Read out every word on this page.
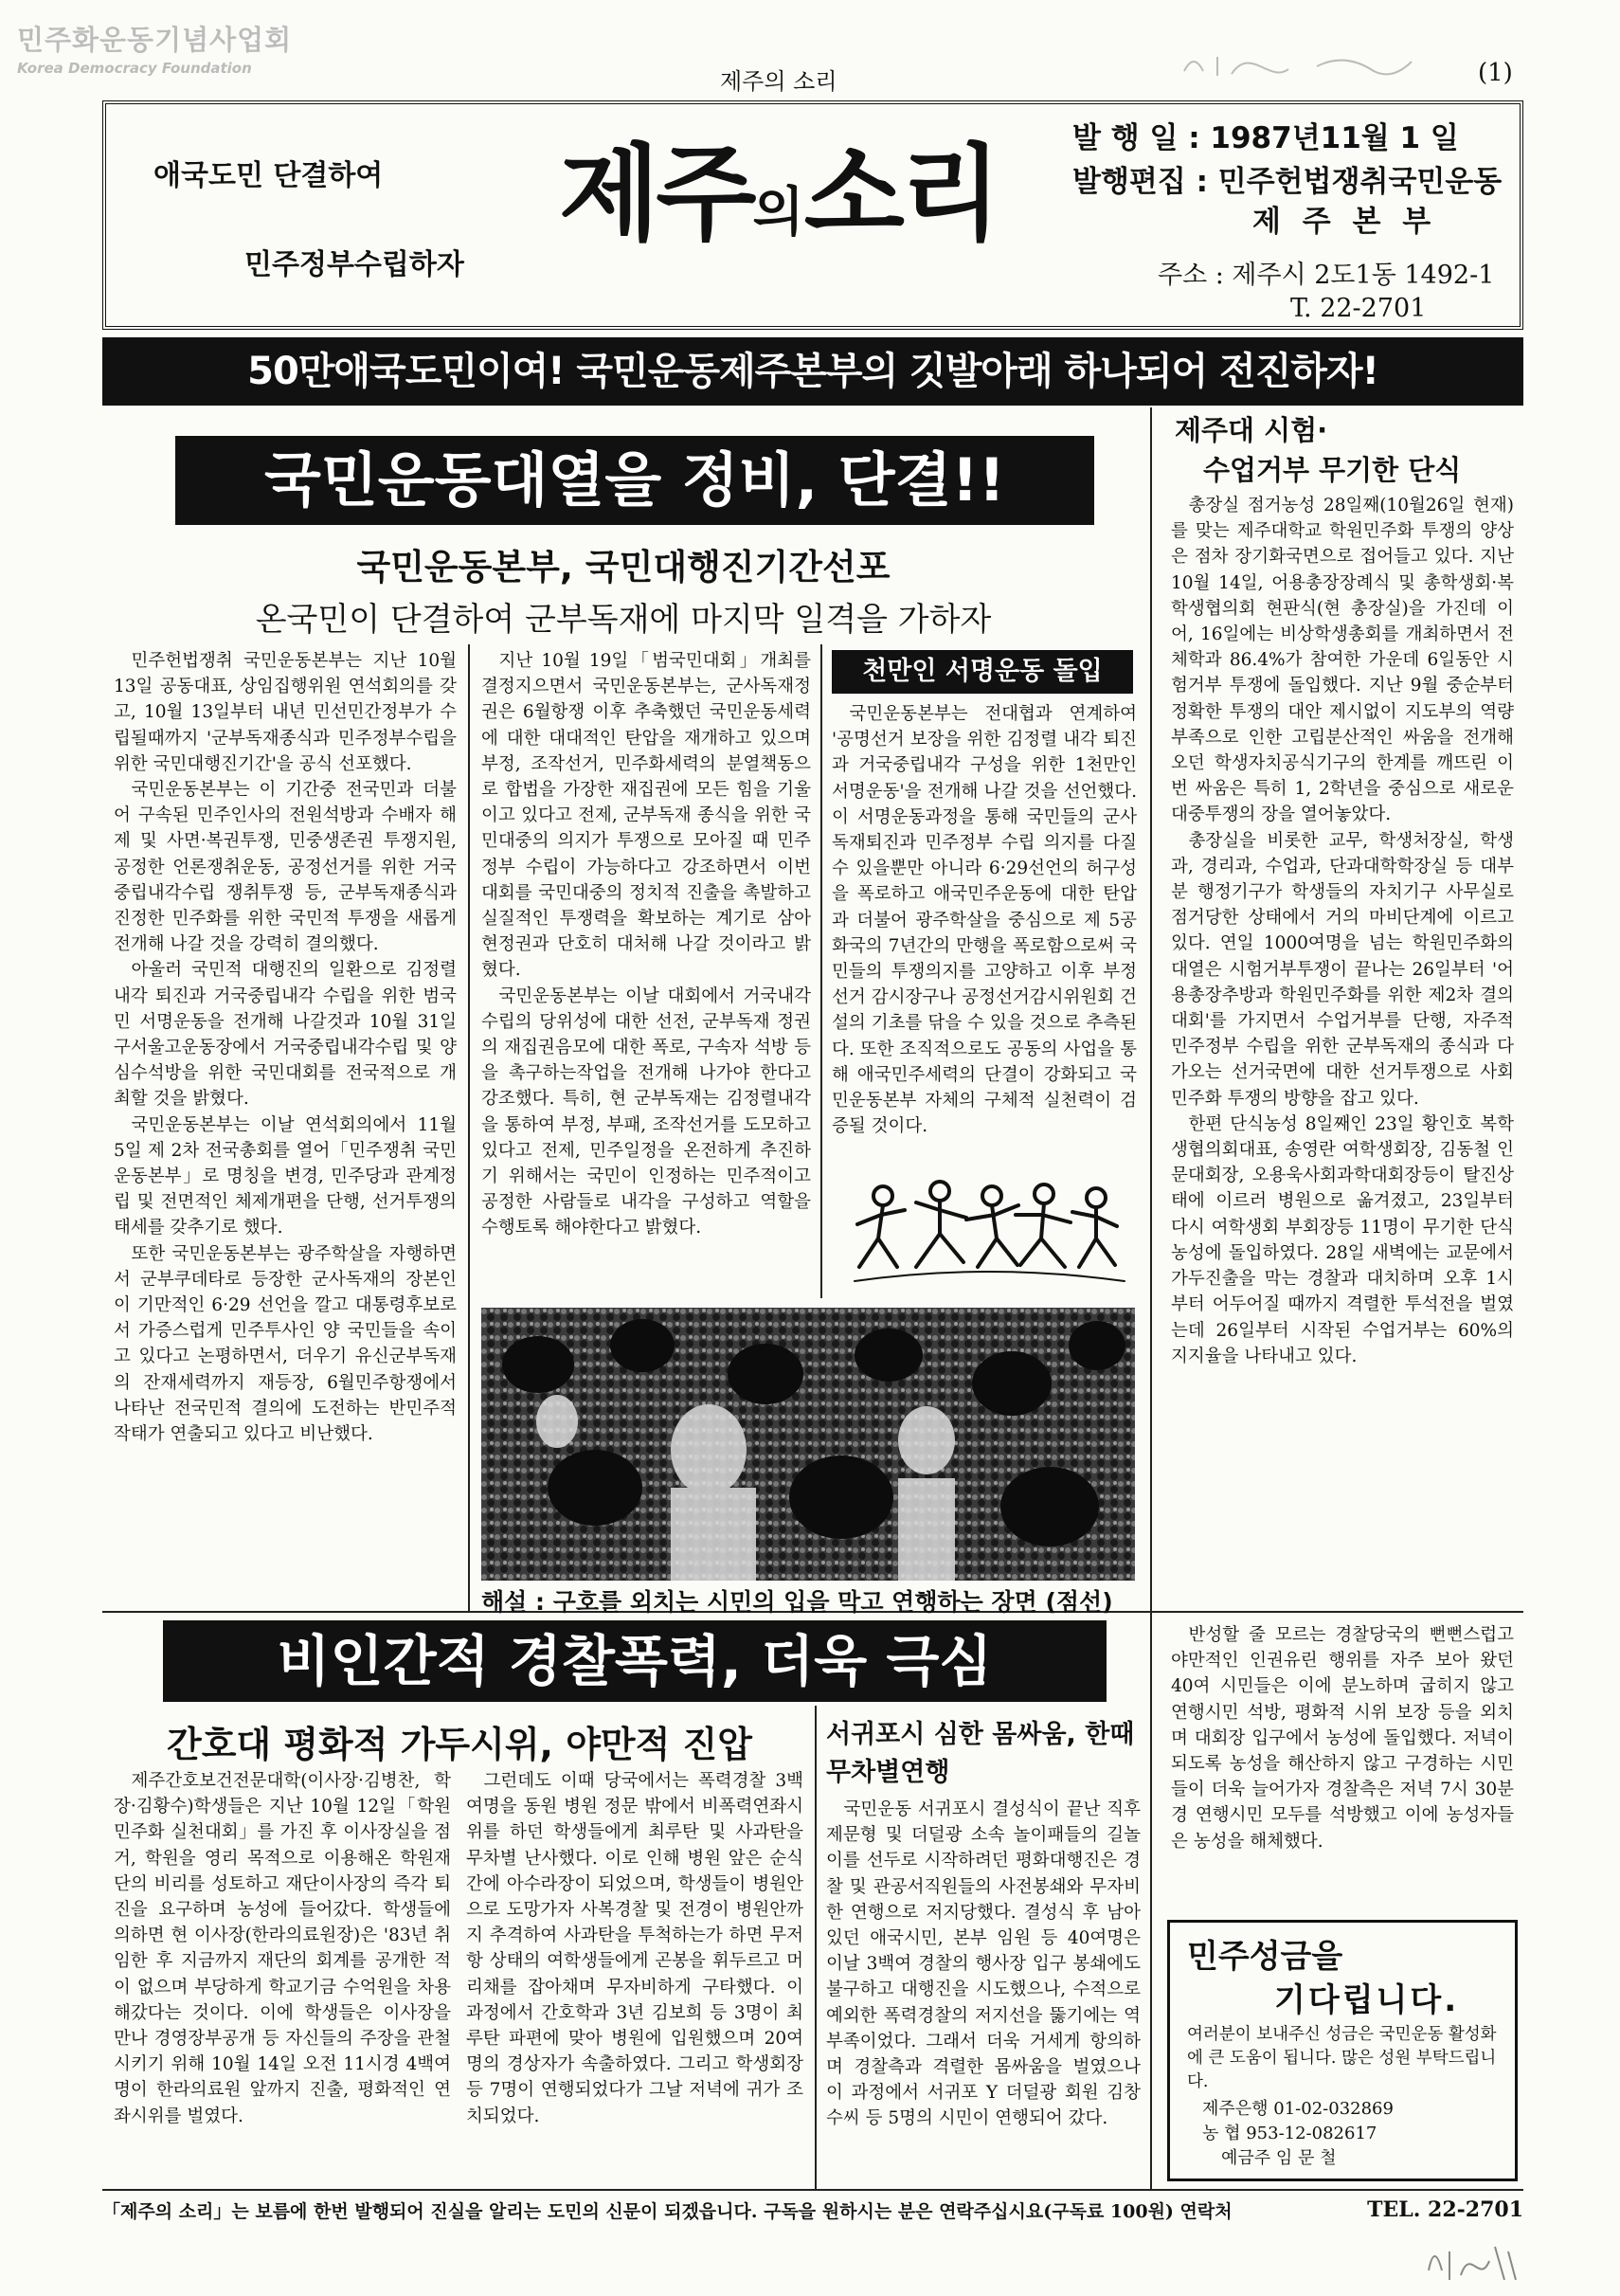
민주화운동기념사업회
Korea Democracy Foundation	제주의 소리	(1)
애국도민 단결하여
민주정부수립하자
제주의소리	발 행 일 : 1987년11월 1 일
발행편집 : 민주헌법쟁취국민운동
제 주 본 부
주소 : 제주시 2도1동 1492-1
T. 22-2701
50만애국도민이여! 국민운동제주본부의 깃발아래 하나되어 전진하자!
국민운동대열을 정비, 단결!!
국민운동본부, 국민대행진기간선포
온국민이 단결하여 군부독재에 마지막 일격을 가하자

민주헌법쟁취 국민운동본부는 지난 10월 13일 공동대표, 상임집행위원 연석회의를 갖고, 10월 13일부터 내년 민선민간정부가 수립될때까지 '군부독재종식과 민주정부수립을 위한 국민대행진기간'을 공식 선포했다.

국민운동본부는 이 기간중 전국민과 더불어 구속된 민주인사의 전원석방과 수배자 해제 및 사면·복권투쟁, 민중생존권 투쟁지원, 공정한 언론쟁취운동, 공정선거를 위한 거국중립내각수립 쟁취투쟁 등, 군부독재종식과 진정한 민주화를 위한 국민적 투쟁을 새롭게 전개해 나갈 것을 강력히 결의했다.

아울러 국민적 대행진의 일환으로 김정렬내각 퇴진과 거국중립내각 수립을 위한 범국민 서명운동을 전개해 나갈것과 10월 31일 구서울고운동장에서 거국중립내각수립 및 양심수석방을 위한 국민대회를 전국적으로 개최할 것을 밝혔다.

국민운동본부는 이날 연석회의에서 11월 5일 제 2차 전국총회를 열어「민주쟁취 국민운동본부」로 명칭을 변경, 민주당과 관계정립 및 전면적인 체제개편을 단행, 선거투쟁의 태세를 갖추기로 했다.

또한 국민운동본부는 광주학살을 자행하면서 군부쿠데타로 등장한 군사독재의 장본인이 기만적인 6·29 선언을 깔고 대통령후보로서 가증스럽게 민주투사인 양 국민들을 속이고 있다고 논평하면서, 더우기 유신군부독재의 잔재세력까지 재등장, 6월민주항쟁에서 나타난 전국민적 결의에 도전하는 반민주적 작태가 연출되고 있다고 비난했다.

지난 10월 19일「범국민대회」개최를 결정지으면서 국민운동본부는, 군사독재정권은 6월항쟁 이후 추축했던 국민운동세력에 대한 대대적인 탄압을 재개하고 있으며 부정, 조작선거, 민주화세력의 분열책동으로 합법을 가장한 재집권에 모든 힘을 기울이고 있다고 전제, 군부독재 종식을 위한 국민대중의 의지가 투쟁으로 모아질 때 민주정부 수립이 가능하다고 강조하면서 이번 대회를 국민대중의 정치적 진출을 촉발하고 실질적인 투쟁력을 확보하는 계기로 삼아 현정권과 단호히 대처해 나갈 것이라고 밝혔다.

국민운동본부는 이날 대회에서 거국내각수립의 당위성에 대한 선전, 군부독재 정권의 재집권음모에 대한 폭로, 구속자 석방 등을 촉구하는작업을 전개해 나가야 한다고 강조했다. 특히, 현 군부독재는 김정렬내각을 통하여 부정, 부패, 조작선거를 도모하고 있다고 전제, 민주일정을 온전하게 추진하기 위해서는 국민이 인정하는 민주적이고 공정한 사람들로 내각을 구성하고 역할을 수행토록 해야한다고 밝혔다.

천만인 서명운동 돌입

국민운동본부는 전대협과 연계하여 '공명선거 보장을 위한 김정렬 내각 퇴진과 거국중립내각 구성을 위한 1천만인 서명운동'을 전개해 나갈 것을 선언했다. 이 서명운동과정을 통해 국민들의 군사독재퇴진과 민주정부 수립 의지를 다질수 있을뿐만 아니라 6·29선언의 허구성을 폭로하고 애국민주운동에 대한 탄압과 더불어 광주학살을 중심으로 제 5공화국의 7년간의 만행을 폭로함으로써 국민들의 투쟁의지를 고양하고 이후 부정선거 감시장구나 공정선거감시위원회 건설의 기초를 닦을 수 있을 것으로 추측된다. 또한 조직적으로도 공동의 사업을 통해 애국민주세력의 단결이 강화되고 국민운동본부 자체의 구체적 실천력이 검증될 것이다.

해설 : 구호를 외치는 시민의 입을 막고 연행하는 장면 (점선)
제주대 시험·
수업거부 무기한 단식

총장실 점거농성 28일째(10월26일 현재)를 맞는 제주대학교 학원민주화 투쟁의 양상은 점차 장기화국면으로 접어들고 있다. 지난 10월 14일, 어용총장장례식 및 총학생회·복학생협의회 현판식(현 총장실)을 가진데 이어, 16일에는 비상학생총회를 개최하면서 전체학과 86.4%가 참여한 가운데 6일동안 시험거부 투쟁에 돌입했다. 지난 9월 중순부터 정확한 투쟁의 대안 제시없이 지도부의 역량부족으로 인한 고립분산적인 싸움을 전개해오던 학생자치공식기구의 한계를 깨뜨린 이번 싸움은 특히 1, 2학년을 중심으로 새로운 대중투쟁의 장을 열어놓았다.

총장실을 비롯한 교무, 학생처장실, 학생과, 경리과, 수업과, 단과대학학장실 등 대부분 행정기구가 학생들의 자치기구 사무실로 점거당한 상태에서 거의 마비단계에 이르고있다. 연일 1000여명을 넘는 학원민주화의 대열은 시험거부투쟁이 끝나는 26일부터 '어용총장추방과 학원민주화를 위한 제2차 결의대회'를 가지면서 수업거부를 단행, 자주적 민주정부 수립을 위한 군부독재의 종식과 다가오는 선거국면에 대한 선거투쟁으로 사회민주화 투쟁의 방향을 잡고 있다.

한편 단식농성 8일째인 23일 황인호 복학생협의회대표, 송영란 여학생회장, 김동철 인문대회장, 오용욱사회과학대회장등이 탈진상태에 이르러 병원으로 옮겨졌고, 23일부터 다시 여학생회 부회장등 11명이 무기한 단식농성에 돌입하였다. 28일 새벽에는 교문에서 가두진출을 막는 경찰과 대치하며 오후 1시부터 어두어질 때까지 격렬한 투석전을 벌였는데 26일부터 시작된 수업거부는 60%의 지지율을 나타내고 있다.

비인간적 경찰폭력, 더욱 극심
간호대 평화적 가두시위, 야만적 진압

제주간호보건전문대학(이사장·김병찬, 학장·김황수)학생들은 지난 10월 12일「학원민주화 실천대회」를 가진 후 이사장실을 점거, 학원을 영리 목적으로 이용해온 학원재단의 비리를 성토하고 재단이사장의 즉각 퇴진을 요구하며 농성에 들어갔다. 학생들에 의하면 현 이사장(한라의료원장)은 '83년 취임한 후 지금까지 재단의 회계를 공개한 적이 없으며 부당하게 학교기금 수억원을 차용해갔다는 것이다. 이에 학생들은 이사장을 만나 경영장부공개 등 자신들의 주장을 관철시키기 위해 10월 14일 오전 11시경 4백여명이 한라의료원 앞까지 진출, 평화적인 연좌시위를 벌였다.

그런데도 이때 당국에서는 폭력경찰 3백여명을 동원 병원 정문 밖에서 비폭력연좌시위를 하던 학생들에게 최루탄 및 사과탄을 무차별 난사했다. 이로 인해 병원 앞은 순식간에 아수라장이 되었으며, 학생들이 병원안으로 도망가자 사복경찰 및 전경이 병원안까지 추격하여 사과탄을 투척하는가 하면 무저항 상태의 여학생들에게 곤봉을 휘두르고 머리채를 잡아채며 무자비하게 구타했다. 이 과정에서 간호학과 3년 김보희 등 3명이 최루탄 파편에 맞아 병원에 입원했으며 20여명의 경상자가 속출하였다. 그리고 학생회장 등 7명이 연행되었다가 그날 저녁에 귀가 조치되었다.

서귀포시 심한 몸싸움, 한때
무차별연행

국민운동 서귀포시 결성식이 끝난 직후 제문형 및 더덜광 소속 놀이패들의 길놀이를 선두로 시작하려던 평화대행진은 경찰 및 관공서직원들의 사전봉쇄와 무자비한 연행으로 저지당했다. 결성식 후 남아있던 애국시민, 본부 임원 등 40여명은 이날 3백여 경찰의 행사장 입구 봉쇄에도 불구하고 대행진을 시도했으나, 수적으로 예외한 폭력경찰의 저지선을 뚫기에는 역부족이었다. 그래서 더욱 거세게 항의하며 경찰측과 격렬한 몸싸움을 벌였으나 이 과정에서 서귀포 Y 더덜광 회원 김창수씨 등 5명의 시민이 연행되어 갔다.

반성할 줄 모르는 경찰당국의 뻔뻔스럽고 야만적인 인권유린 행위를 자주 보아 왔던 40여 시민들은 이에 분노하며 굽히지 않고 연행시민 석방, 평화적 시위 보장 등을 외치며 대회장 입구에서 농성에 돌입했다. 저녁이 되도록 농성을 해산하지 않고 구경하는 시민들이 더욱 늘어가자 경찰측은 저녁 7시 30분경 연행시민 모두를 석방했고 이에 농성자들은 농성을 해체했다.

민주성금을
기다립니다.
여러분이 보내주신 성금은 국민운동 활성화에 큰 도움이 됩니다. 많은 성원 부탁드립니다.
제주은행 01-02-032869
농 협 953-12-082617
예금주 임 문 철
「제주의 소리」는 보름에 한번 발행되어 진실을 알리는 도민의 신문이 되겠읍니다. 구독을 원하시는 분은 연락주십시요(구독료 100원) 연락처	TEL. 22-2701
